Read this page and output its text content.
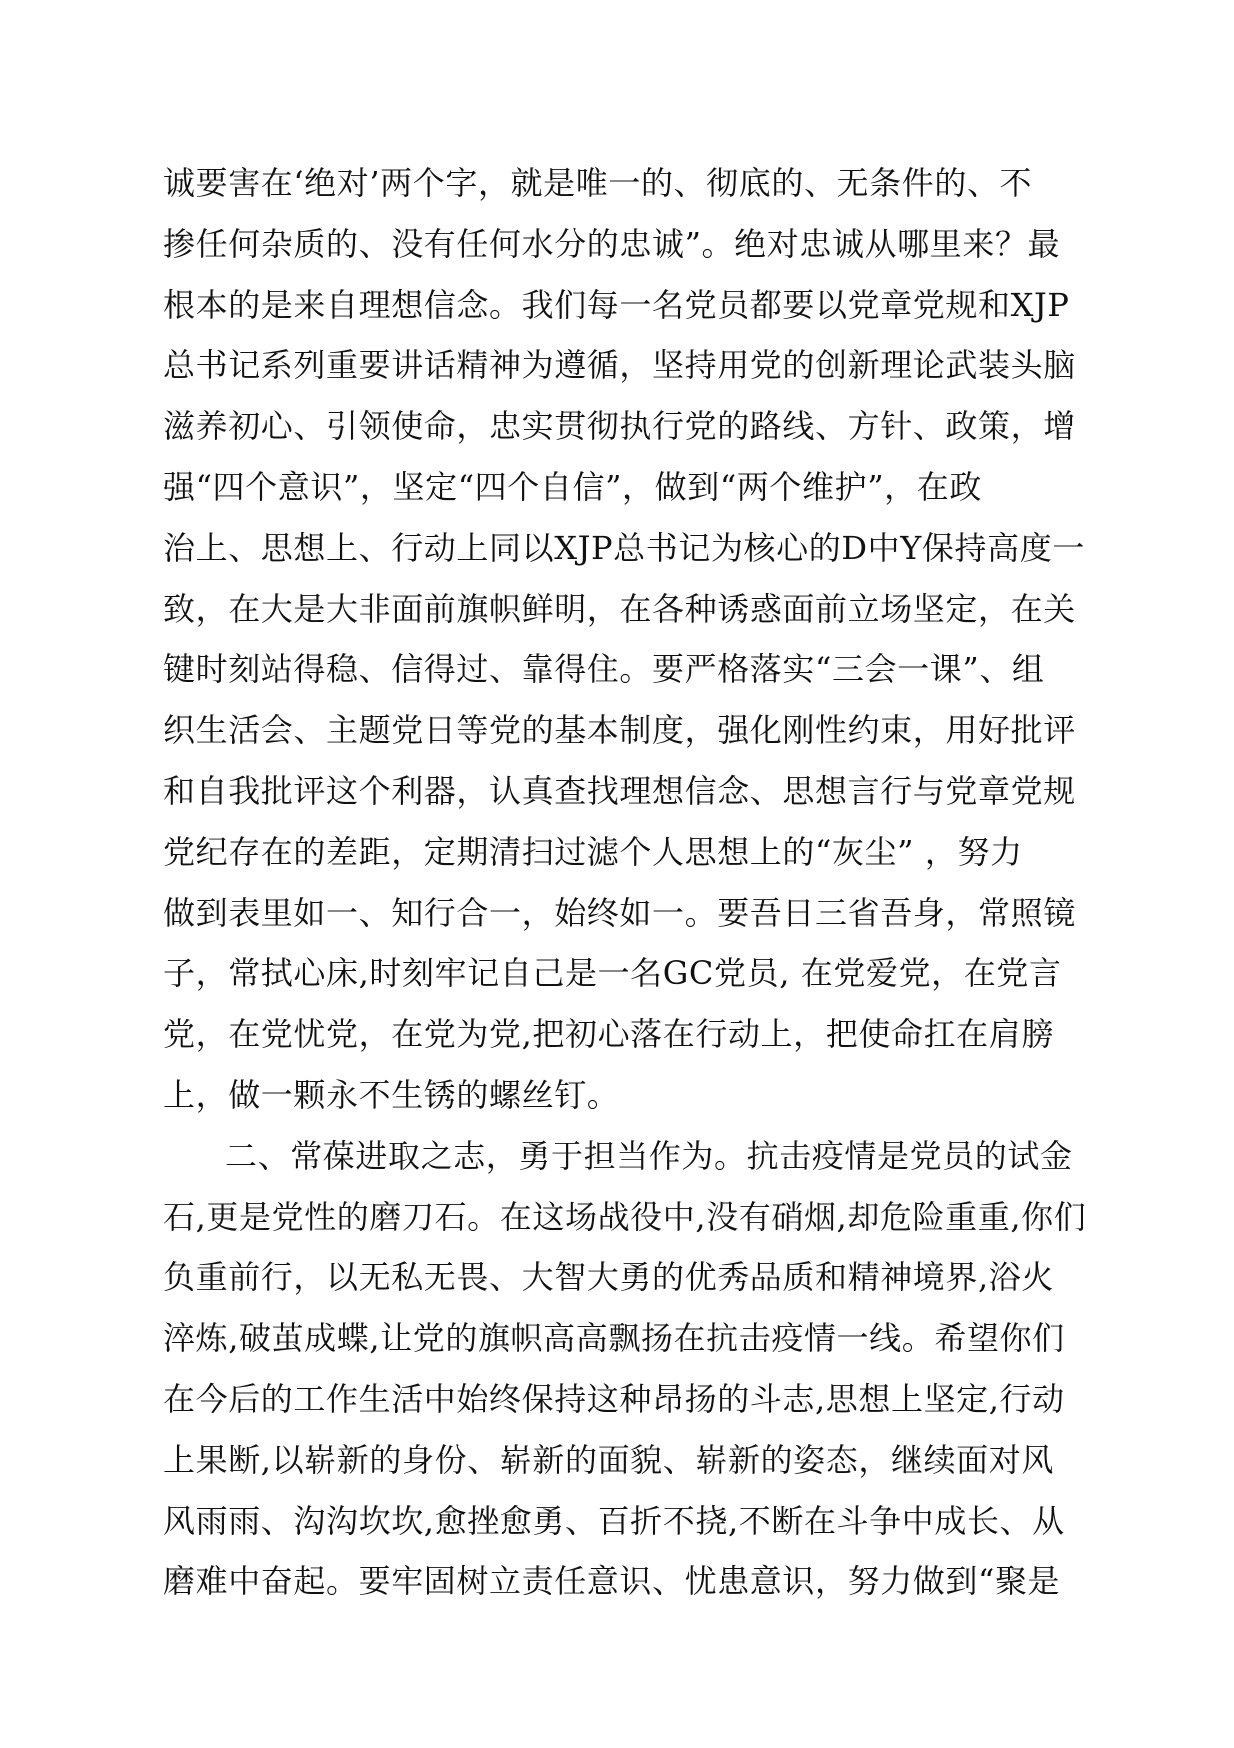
诚要害在‘绝对’两个字，就是唯一的、彻底的、无条件的、不
掺任何杂质的、没有任何水分的忠诚”。绝对忠诚从哪里来？最
根本的是来自理想信念。我们每一名党员都要以党章党规和XJP
总书记系列重要讲话精神为遵循，坚持用党的创新理论武装头脑
滋养初心、引领使命，忠实贯彻执行党的路线、方针、政策，增
强“四个意识”，坚定“四个自信”，做到“两个维护”，在政
治上、思想上、行动上同以XJP总书记为核心的D中Y保持高度一
致，在大是大非面前旗帜鲜明，在各种诱惑面前立场坚定，在关
键时刻站得稳、信得过、靠得住。要严格落实“三会一课”、组
织生活会、主题党日等党的基本制度，强化刚性约束，用好批评
和自我批评这个利器，认真查找理想信念、思想言行与党章党规
党纪存在的差距，定期清扫过滤个人思想上的“灰尘” ，努力
做到表里如一、知行合一，始终如一。要吾日三省吾身，常照镜
子，常拭心床,时刻牢记自己是一名GC党员, 在党爱党，在党言
党，在党忧党，在党为党,把初心落在行动上，把使命扛在肩膀
上，做一颗永不生锈的螺丝钉。
二、常葆进取之志，勇于担当作为。抗击疫情是党员的试金
石,更是党性的磨刀石。在这场战役中,没有硝烟,却危险重重,你们
负重前行，以无私无畏、大智大勇的优秀品质和精神境界,浴火
淬炼,破茧成蝶,让党的旗帜高高飘扬在抗击疫情一线。希望你们
在今后的工作生活中始终保持这种昂扬的斗志,思想上坚定,行动
上果断,以崭新的身份、崭新的面貌、崭新的姿态，继续面对风
风雨雨、沟沟坎坎,愈挫愈勇、百折不挠,不断在斗争中成长、从
磨难中奋起。要牢固树立责任意识、忧患意识，努力做到“聚是
